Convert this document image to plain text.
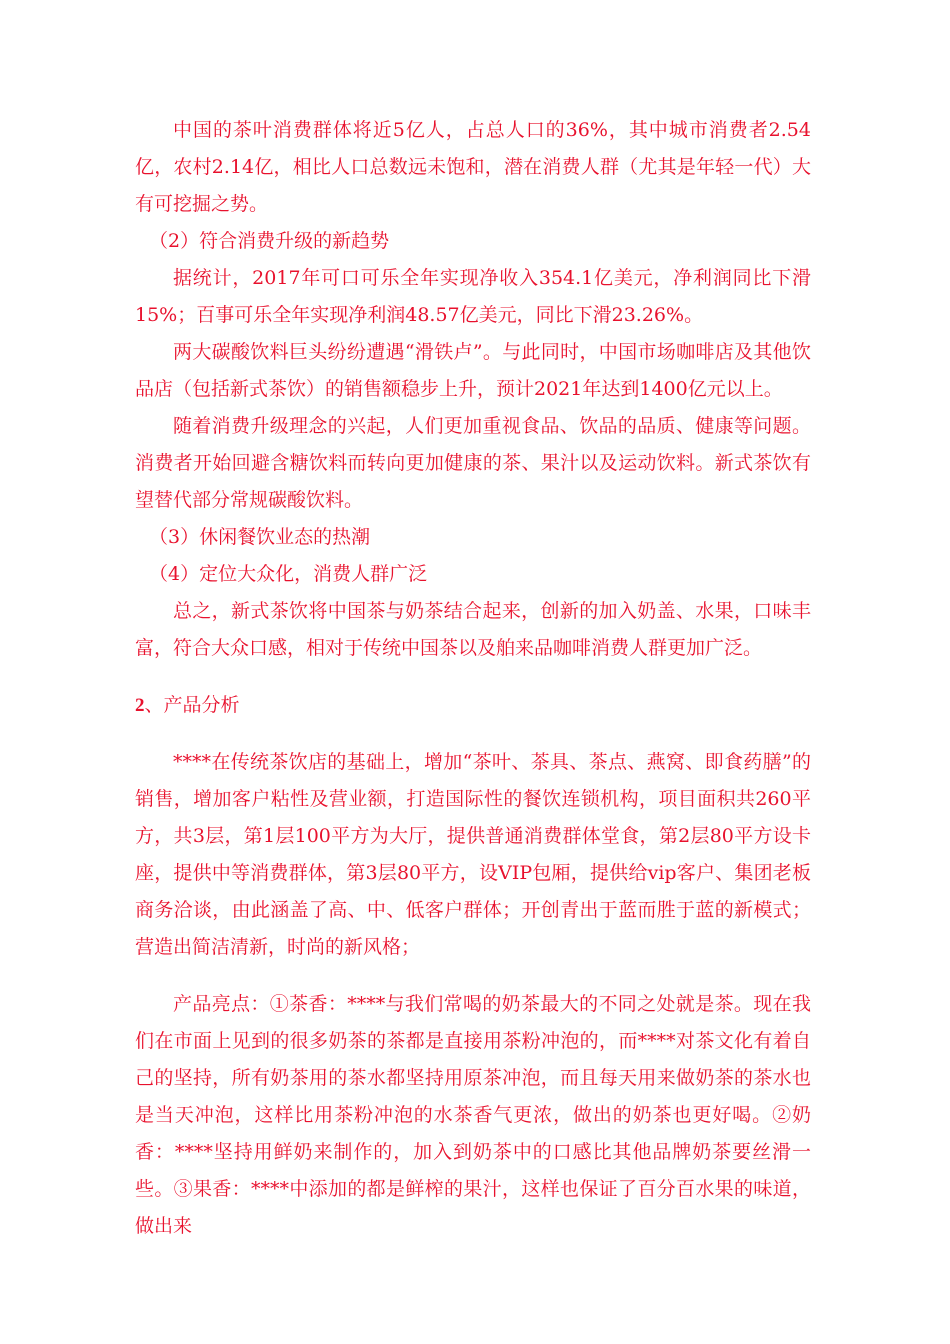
中国的茶叶消费群体将近5亿人，占总人口的36%，其中城市消费者2.54亿，农村2.14亿，相比人口总数远未饱和，潜在消费人群（尤其是年轻一代）大有可挖掘之势。

（2）符合消费升级的新趋势

据统计，2017年可口可乐全年实现净收入354.1亿美元，净利润同比下滑15%；百事可乐全年实现净利润48.57亿美元，同比下滑23.26%。

两大碳酸饮料巨头纷纷遭遇“滑铁卢”。与此同时，中国市场咖啡店及其他饮品店（包括新式茶饮）的销售额稳步上升，预计2021年达到1400亿元以上。

随着消费升级理念的兴起，人们更加重视食品、饮品的品质、健康等问题。消费者开始回避含糖饮料而转向更加健康的茶、果汁以及运动饮料。新式茶饮有望替代部分常规碳酸饮料。

（3）休闲餐饮业态的热潮

（4）定位大众化，消费人群广泛

总之，新式茶饮将中国茶与奶茶结合起来，创新的加入奶盖、水果，口味丰富，符合大众口感，相对于传统中国茶以及舶来品咖啡消费人群更加广泛。

2、产品分析

****在传统茶饮店的基础上，增加“茶叶、茶具、茶点、燕窝、即食药膳”的销售，增加客户粘性及营业额，打造国际性的餐饮连锁机构，项目面积共260平方，共3层，第1层100平方为大厅，提供普通消费群体堂食，第2层80平方设卡座，提供中等消费群体，第3层80平方，设VIP包厢，提供给vip客户、集团老板商务洽谈，由此涵盖了高、中、低客户群体；开创青出于蓝而胜于蓝的新模式；营造出简洁清新，时尚的新风格；

产品亮点：①茶香：****与我们常喝的奶茶最大的不同之处就是茶。现在我们在市面上见到的很多奶茶的茶都是直接用茶粉冲泡的，而****对茶文化有着自己的坚持，所有奶茶用的茶水都坚持用原茶冲泡，而且每天用来做奶茶的茶水也是当天冲泡，这样比用茶粉冲泡的水茶香气更浓，做出的奶茶也更好喝。②奶香：****坚持用鲜奶来制作的，加入到奶茶中的口感比其他品牌奶茶要丝滑一些。③果香：****中添加的都是鲜榨的果汁，这样也保证了百分百水果的味道，做出来
